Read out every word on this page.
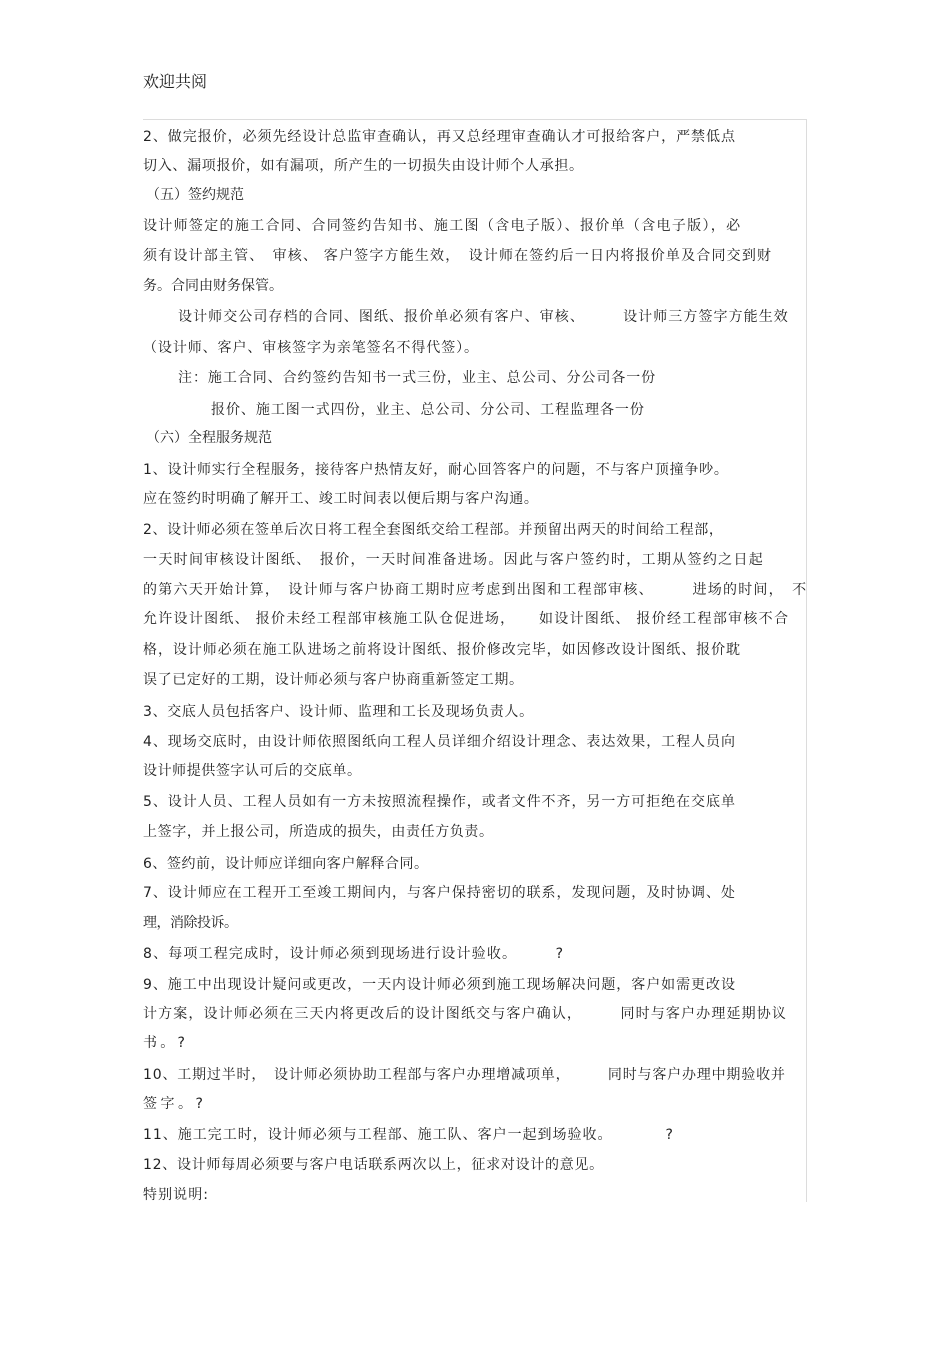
欢迎共阅
2、做完报价，必须先经设计总监审查确认，再又总经理审查确认才可报给客户，严禁低点
切入、漏项报价，如有漏项，所产生的一切损失由设计师个人承担。
（五）签约规范
设计师签定的施工合同、合同签约告知书、施工图（含电子版）、报价单（含电子版），必
须有设计部主管、　审核、 客户签字方能生效，　设计师在签约后一日内将报价单及合同交到财
务。合同由财务保管。
设计师交公司存档的合同、图纸、报价单必须有客户、审核、　　　设计师三方签字方能生效
（设计师、客户、审核签字为亲笔签名不得代签）。
注：施工合同、合约签约告知书一式三份，业主、总公司、分公司各一份
报价、施工图一式四份，业主、总公司、分公司、工程监理各一份
（六）全程服务规范
1、设计师实行全程服务，接待客户热情友好，耐心回答客户的问题，不与客户顶撞争吵。
应在签约时明确了解开工、竣工时间表以便后期与客户沟通。
2、设计师必须在签单后次日将工程全套图纸交给工程部。并预留出两天的时间给工程部，
一天时间审核设计图纸、　报价，一天时间准备进场。因此与客户签约时，工期从签约之日起
的第六天开始计算，　设计师与客户协商工期时应考虑到出图和工程部审核、　　　进场的时间，　不
允许设计图纸、 报价未经工程部审核施工队仓促进场，　　如设计图纸、 报价经工程部审核不合
格，设计师必须在施工队进场之前将设计图纸、报价修改完毕，如因修改设计图纸、报价耽
误了已定好的工期，设计师必须与客户协商重新签定工期。
3、交底人员包括客户、设计师、监理和工长及现场负责人。
4、现场交底时，由设计师依照图纸向工程人员详细介绍设计理念、表达效果，工程人员向
设计师提供签字认可后的交底单。
5、设计人员、工程人员如有一方未按照流程操作，或者文件不齐，另一方可拒绝在交底单
上签字，并上报公司，所造成的损失，由责任方负责。
6、签约前，设计师应详细向客户解释合同。
7、设计师应在工程开工至竣工期间内，与客户保持密切的联系，发现问题，及时协调、处
理，消除投诉。
8、每项工程完成时，设计师必须到现场进行设计验收。　　　?
9、施工中出现设计疑问或更改，一天内设计师必须到施工现场解决问题，客户如需更改设
计方案，设计师必须在三天内将更改后的设计图纸交与客户确认，　　　同时与客户办理延期协议
书。?
10、工期过半时，　设计师必须协助工程部与客户办理增减项单，　　　同时与客户办理中期验收并
签字。?
11、施工完工时，设计师必须与工程部、施工队、客户一起到场验收。　　　　?
12、设计师每周必须要与客户电话联系两次以上，征求对设计的意见。
特别说明:
